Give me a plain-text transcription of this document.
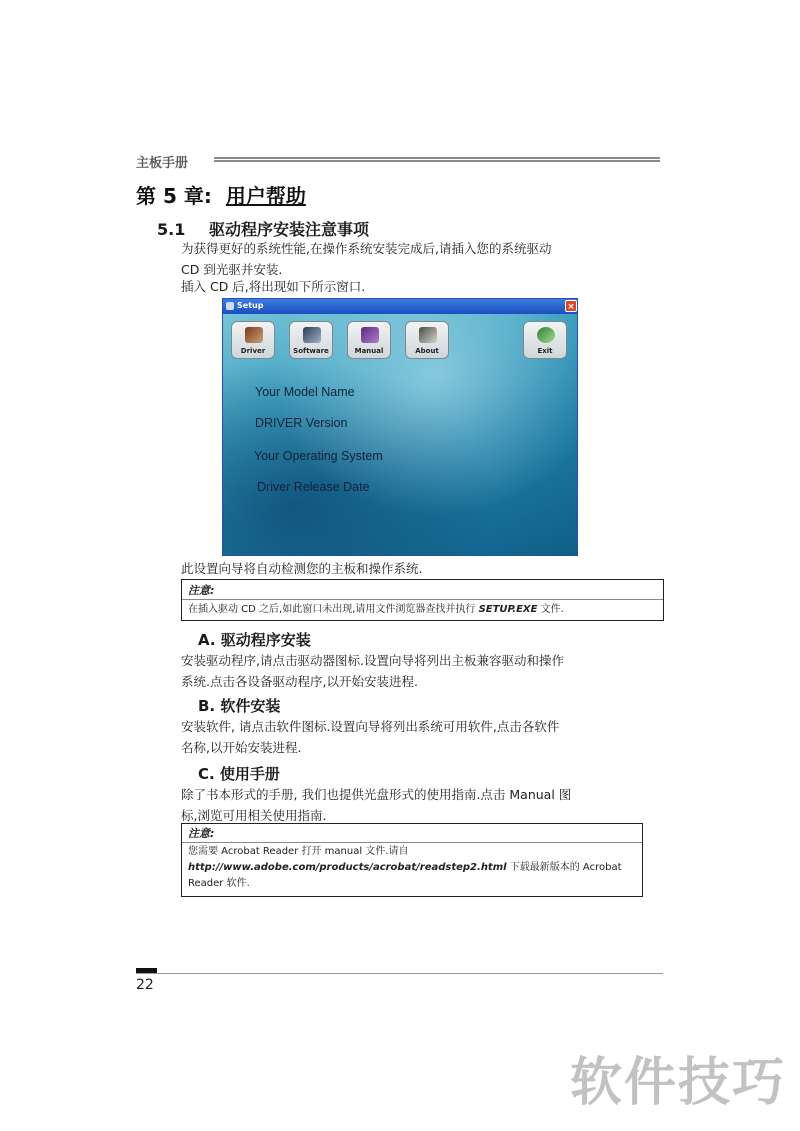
主板手册
第 5 章: 用户帮助
5.1 驱动程序安装注意事项
为获得更好的系统性能,在操作系统安装完成后,请插入您的系统驱动
CD 到光驱并安装.
插入 CD 后,将出现如下所示窗口.
Setup	×
Driver	Software	Manual	About	Exit
Your Model Name
DRIVER Version
Your Operating System
Driver Release Date
此设置向导将自动检测您的主板和操作系统.
注意:
在插入驱动 CD 之后,如此窗口未出现,请用文件浏览器查找并执行 SETUP.EXE 文件.
A. 驱动程序安装
安装驱动程序,请点击驱动器图标.设置向导将列出主板兼容驱动和操作
系统.点击各设备驱动程序,以开始安装进程.
B. 软件安装
安装软件, 请点击软件图标.设置向导将列出系统可用软件,点击各软件
名称,以开始安装进程.
C. 使用手册
除了书本形式的手册, 我们也提供光盘形式的使用指南.点击 Manual 图
标,浏览可用相关使用指南.
注意:
您需要 Acrobat Reader 打开 manual 文件.请自
http://www.adobe.com/products/acrobat/readstep2.html 下载最新版本的 Acrobat
Reader 软件.
22
软件技巧
